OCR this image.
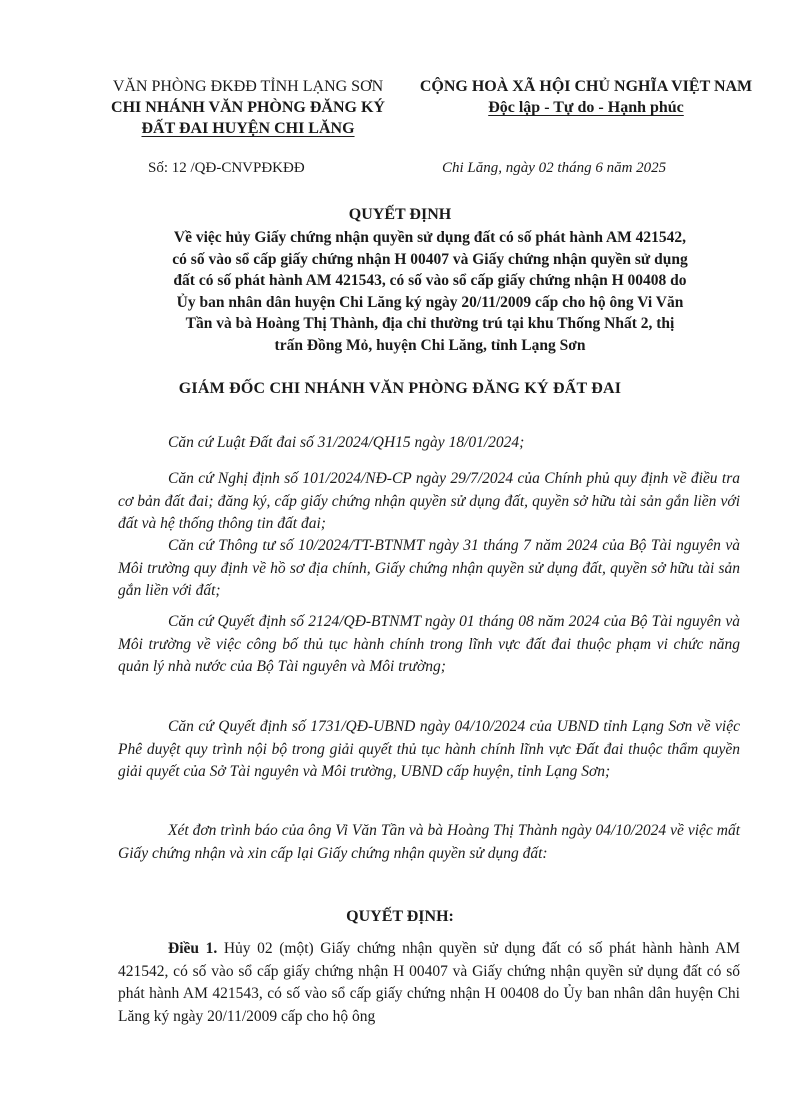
VĂN PHÒNG ĐKĐĐ TỈNH LẠNG SƠN
CHI NHÁNH VĂN PHÒNG ĐĂNG KÝ
ĐẤT ĐAI HUYỆN CHI LĂNG
CỘNG HOÀ XÃ HỘI CHỦ NGHĨA VIỆT NAM
Độc lập - Tự do - Hạnh phúc
Số: 12 /QĐ-CNVPĐKĐĐ	Chi Lăng, ngày 02 tháng 6 năm 2025
QUYẾT ĐỊNH
Về việc hủy Giấy chứng nhận quyền sử dụng đất có số phát hành AM 421542,
có số vào sổ cấp giấy chứng nhận H 00407 và Giấy chứng nhận quyền sử dụng
đất có số phát hành AM 421543, có số vào sổ cấp giấy chứng nhận H 00408 do
Ủy ban nhân dân huyện Chi Lăng ký ngày 20/11/2009 cấp cho hộ ông Vi Văn
Tần và bà Hoàng Thị Thành, địa chỉ thường trú tại khu Thống Nhất 2, thị
trấn Đồng Mỏ, huyện Chi Lăng, tỉnh Lạng Sơn
GIÁM ĐỐC CHI NHÁNH VĂN PHÒNG ĐĂNG KÝ ĐẤT ĐAI

Căn cứ Luật Đất đai số 31/2024/QH15 ngày 18/01/2024;

Căn cứ Nghị định số 101/2024/NĐ-CP ngày 29/7/2024 của Chính phủ quy định về điều tra cơ bản đất đai; đăng ký, cấp giấy chứng nhận quyền sử dụng đất, quyền sở hữu tài sản gắn liền với đất và hệ thống thông tin đất đai;

Căn cứ Thông tư số 10/2024/TT-BTNMT ngày 31 tháng 7 năm 2024 của Bộ Tài nguyên và Môi trường quy định về hồ sơ địa chính, Giấy chứng nhận quyền sử dụng đất, quyền sở hữu tài sản gắn liền với đất;

Căn cứ Quyết định số 2124/QĐ-BTNMT ngày 01 tháng 08 năm 2024 của Bộ Tài nguyên và Môi trường về việc công bố thủ tục hành chính trong lĩnh vực đất đai thuộc phạm vi chức năng quản lý nhà nước của Bộ Tài nguyên và Môi trường;

Căn cứ Quyết định số 1731/QĐ-UBND ngày 04/10/2024 của UBND tỉnh Lạng Sơn về việc Phê duyệt quy trình nội bộ trong giải quyết thủ tục hành chính lĩnh vực Đất đai thuộc thẩm quyền giải quyết của Sở Tài nguyên và Môi trường, UBND cấp huyện, tỉnh Lạng Sơn;

Xét đơn trình báo của ông Vi Văn Tần và bà Hoàng Thị Thành ngày 04/10/2024 về việc mất Giấy chứng nhận và xin cấp lại Giấy chứng nhận quyền sử dụng đất:

QUYẾT ĐỊNH:

Điều 1. Hủy 02 (một) Giấy chứng nhận quyền sử dụng đất có số phát hành hành AM 421542, có số vào sổ cấp giấy chứng nhận H 00407 và Giấy chứng nhận quyền sử dụng đất có số phát hành AM 421543, có số vào sổ cấp giấy chứng nhận H 00408 do Ủy ban nhân dân huyện Chi Lăng ký ngày 20/11/2009 cấp cho hộ ông
